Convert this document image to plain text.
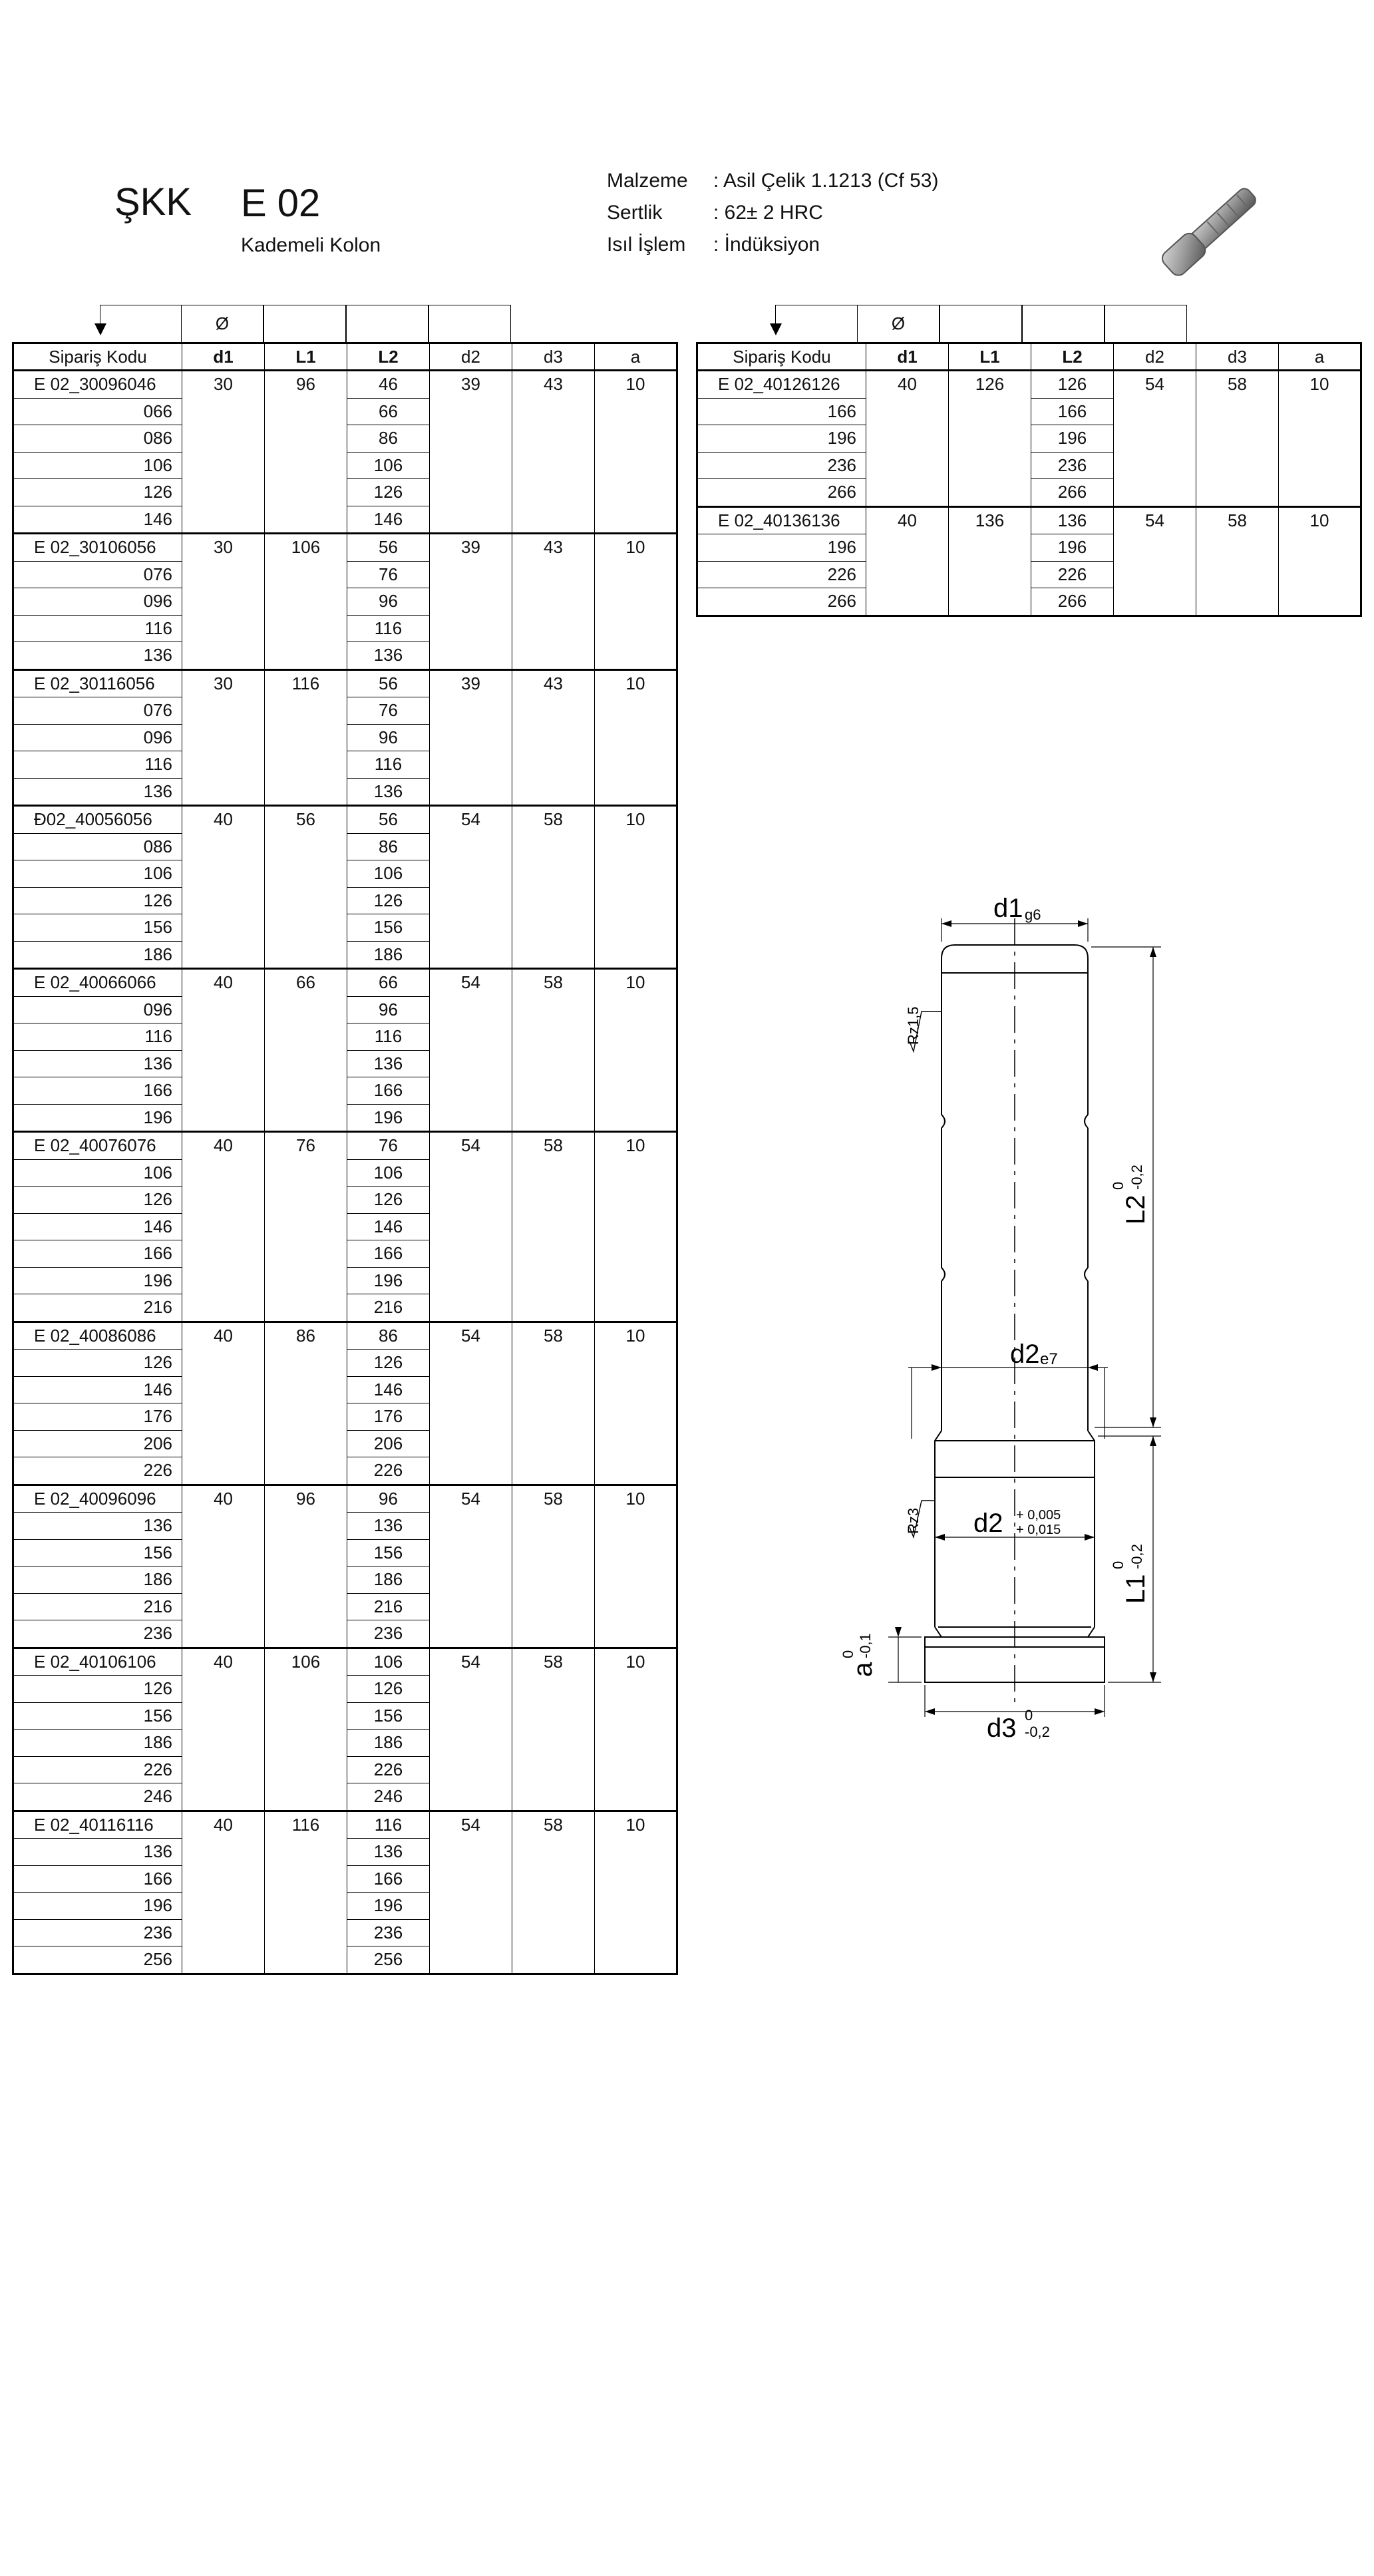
ŞKK E 02
Kademeli Kolon
Malzeme
Sertlik
Isıl İşlem
: Asil Çelik 1.1213 (Cf 53)
: 62± 2 HRC
: İndüksiyon
Ø
Sipariş Kodu	d1	L1	L2	d2	d3	a
E 02_30096046	30	96	46	39	43	10
066			66			
086			86			
106			106			
126			126			
146			146			
E 02_30106056	30	106	56	39	43	10
076			76			
096			96			
116			116			
136			136			
E 02_30116056	30	116	56	39	43	10
076			76			
096			96			
116			116			
136			136			
Ð02_40056056	40	56	56	54	58	10
086			86			
106			106			
126			126			
156			156			
186			186			
E 02_40066066	40	66	66	54	58	10
096			96			
116			116			
136			136			
166			166			
196			196			
E 02_40076076	40	76	76	54	58	10
106			106			
126			126			
146			146			
166			166			
196			196			
216			216			
E 02_40086086	40	86	86	54	58	10
126			126			
146			146			
176			176			
206			206			
226			226			
E 02_40096096	40	96	96	54	58	10
136			136			
156			156			
186			186			
216			216			
236			236			
E 02_40106106	40	106	106	54	58	10
126			126			
156			156			
186			186			
226			226			
246			246			
E 02_40116116	40	116	116	54	58	10
136			136			
166			166			
196			196			
236			236			
256			256			
Ø
Sipariş Kodu	d1	L1	L2	d2	d3	a
E 02_40126126	40	126	126	54	58	10
166			166			
196			196			
236			236			
266			266			
E 02_40136136	40	136	136	54	58	10
196			196			
226			226			
266			266			
d1 g6
Rz1,5
L2
0 -0,2
d2 e7
d2 + 0,005
+ 0,015
Rz3
L1
0 -0,2
a
0 -0,1
d3 0
-0,2
